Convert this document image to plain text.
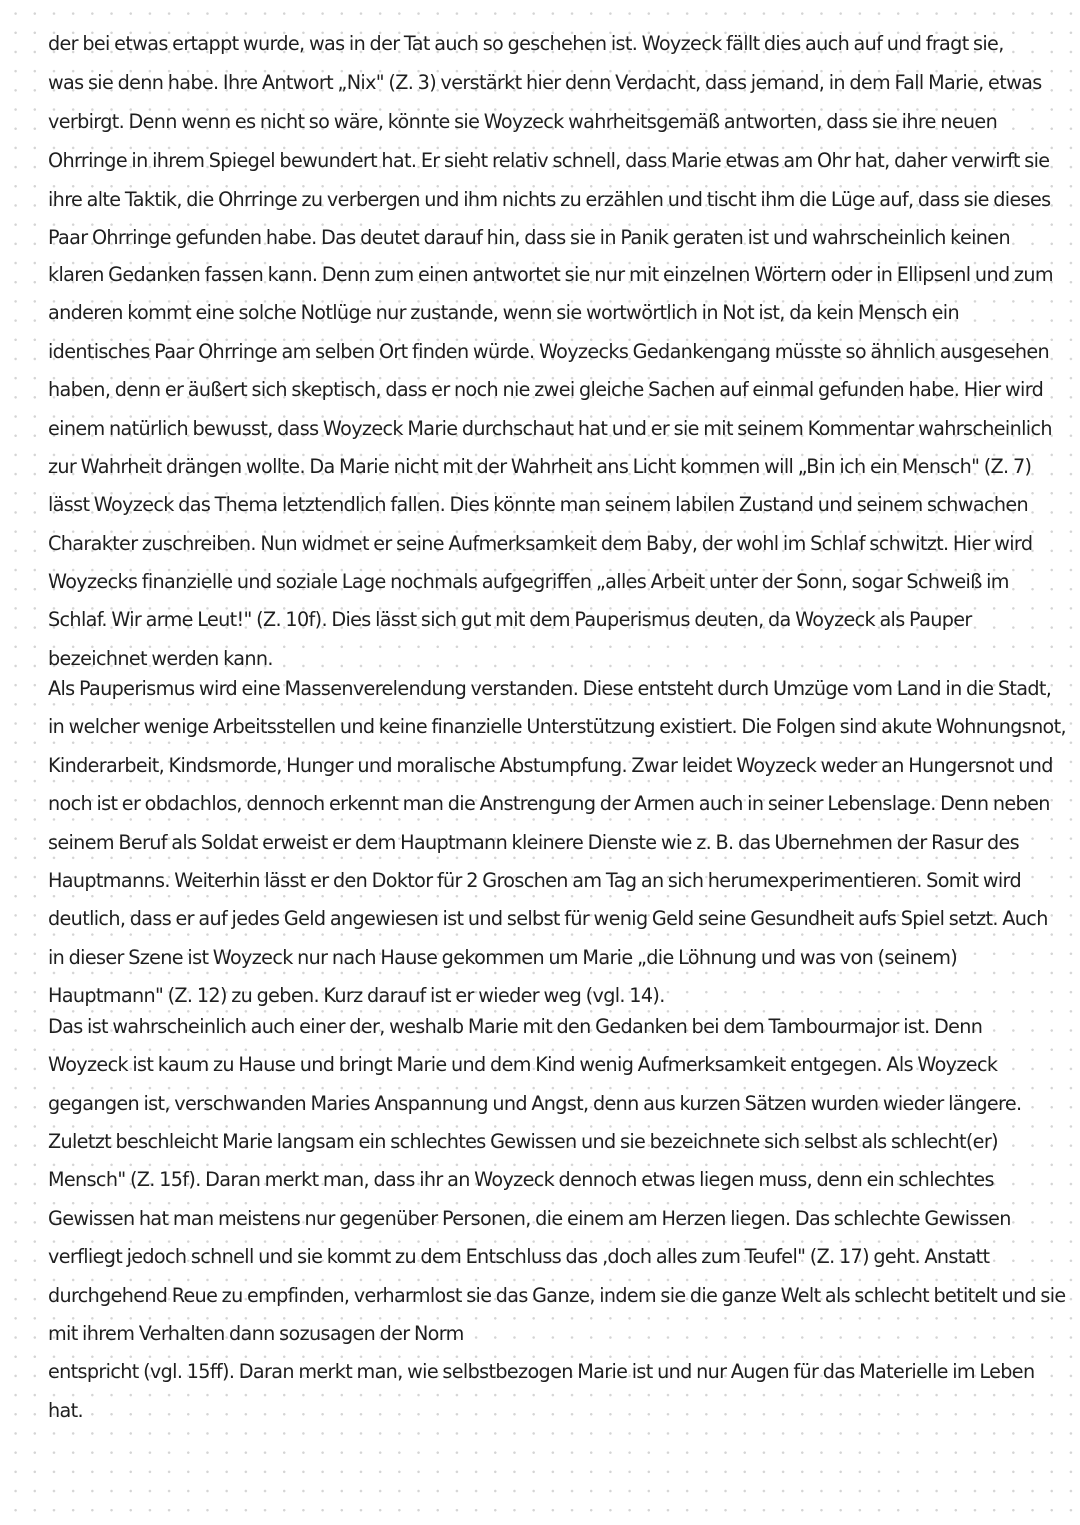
der bei etwas ertappt wurde, was in der Tat auch so geschehen ist. Woyzeck fällt dies auch auf und fragt sie,
was sie denn habe. Ihre Antwort „Nix" (Z. 3) verstärkt hier denn Verdacht, dass jemand, in dem Fall Marie, etwas
verbirgt. Denn wenn es nicht so wäre, könnte sie Woyzeck wahrheitsgemäß antworten, dass sie ihre neuen
Ohrringe in ihrem Spiegel bewundert hat. Er sieht relativ schnell, dass Marie etwas am Ohr hat, daher verwirft sie
ihre alte Taktik, die Ohrringe zu verbergen und ihm nichts zu erzählen und tischt ihm die Lüge auf, dass sie dieses
Paar Ohrringe gefunden habe. Das deutet darauf hin, dass sie in Panik geraten ist und wahrscheinlich keinen
klaren Gedanken fassen kann. Denn zum einen antwortet sie nur mit einzelnen Wörtern oder in Ellipsenl und zum
anderen kommt eine solche Notlüge nur zustande, wenn sie wortwörtlich in Not ist, da kein Mensch ein
identisches Paar Ohrringe am selben Ort finden würde. Woyzecks Gedankengang müsste so ähnlich ausgesehen
haben, denn er äußert sich skeptisch, dass er noch nie zwei gleiche Sachen auf einmal gefunden habe. Hier wird
einem natürlich bewusst, dass Woyzeck Marie durchschaut hat und er sie mit seinem Kommentar wahrscheinlich
zur Wahrheit drängen wollte. Da Marie nicht mit der Wahrheit ans Licht kommen will „Bin ich ein Mensch" (Z. 7)
lässt Woyzeck das Thema letztendlich fallen. Dies könnte man seinem labilen Zustand und seinem schwachen
Charakter zuschreiben. Nun widmet er seine Aufmerksamkeit dem Baby, der wohl im Schlaf schwitzt. Hier wird
Woyzecks finanzielle und soziale Lage nochmals aufgegriffen „alles Arbeit unter der Sonn, sogar Schweiß im
Schlaf. Wir arme Leut!" (Z. 10f). Dies lässt sich gut mit dem Pauperismus deuten, da Woyzeck als Pauper
bezeichnet werden kann.
Als Pauperismus wird eine Massenverelendung verstanden. Diese entsteht durch Umzüge vom Land in die Stadt,
in welcher wenige Arbeitsstellen und keine finanzielle Unterstützung existiert. Die Folgen sind akute Wohnungsnot,
Kinderarbeit, Kindsmorde, Hunger und moralische Abstumpfung. Zwar leidet Woyzeck weder an Hungersnot und
noch ist er obdachlos, dennoch erkennt man die Anstrengung der Armen auch in seiner Lebenslage. Denn neben
seinem Beruf als Soldat erweist er dem Hauptmann kleinere Dienste wie z. B. das Ubernehmen der Rasur des
Hauptmanns. Weiterhin lässt er den Doktor für 2 Groschen am Tag an sich herumexperimentieren. Somit wird
deutlich, dass er auf jedes Geld angewiesen ist und selbst für wenig Geld seine Gesundheit aufs Spiel setzt. Auch
in dieser Szene ist Woyzeck nur nach Hause gekommen um Marie „die Löhnung und was von (seinem)
Hauptmann" (Z. 12) zu geben. Kurz darauf ist er wieder weg (vgl. 14).
Das ist wahrscheinlich auch einer der, weshalb Marie mit den Gedanken bei dem Tambourmajor ist. Denn
Woyzeck ist kaum zu Hause und bringt Marie und dem Kind wenig Aufmerksamkeit entgegen. Als Woyzeck
gegangen ist, verschwanden Maries Anspannung und Angst, denn aus kurzen Sätzen wurden wieder längere.
Zuletzt beschleicht Marie langsam ein schlechtes Gewissen und sie bezeichnete sich selbst als schlecht(er)
Mensch" (Z. 15f). Daran merkt man, dass ihr an Woyzeck dennoch etwas liegen muss, denn ein schlechtes
Gewissen hat man meistens nur gegenüber Personen, die einem am Herzen liegen. Das schlechte Gewissen
verfliegt jedoch schnell und sie kommt zu dem Entschluss das ‚doch alles zum Teufel" (Z. 17) geht. Anstatt
durchgehend Reue zu empfinden, verharmlost sie das Ganze, indem sie die ganze Welt als schlecht betitelt und sie
mit ihrem Verhalten dann sozusagen der Norm
entspricht (vgl. 15ff). Daran merkt man, wie selbstbezogen Marie ist und nur Augen für das Materielle im Leben
hat.
